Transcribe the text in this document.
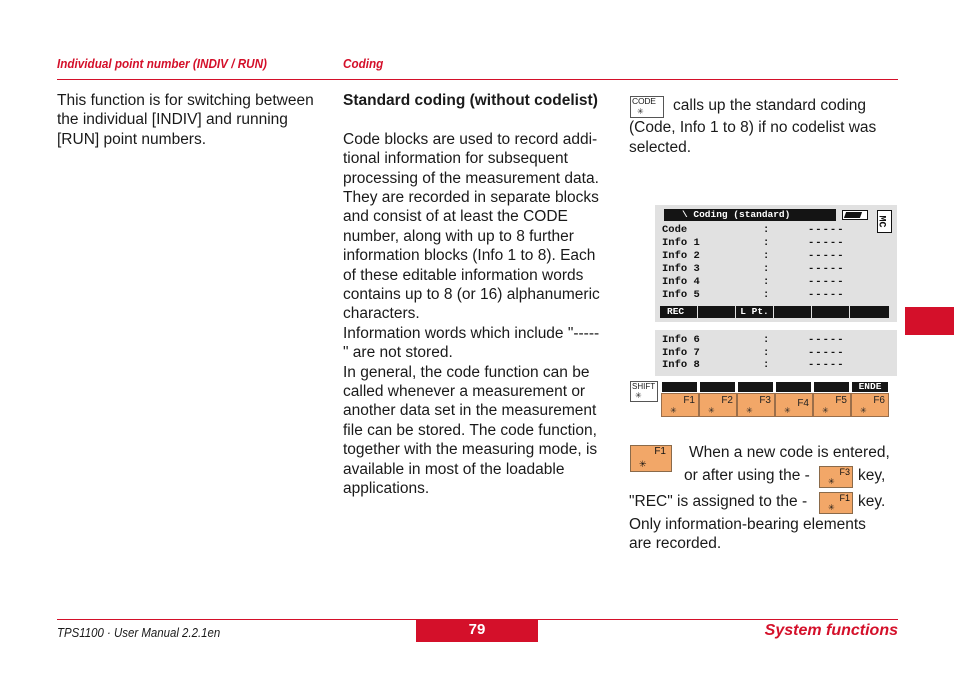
Individual point number (INDIV / RUN)	Coding
This function is for switching between
the individual [INDIV] and running
[RUN] point numbers.
Standard coding (without codelist)
Code blocks are used to record addi-
tional information for subsequent
processing of the measurement data.
They are recorded in separate blocks
and consist of at least the CODE
number, along with up to 8 further
information blocks (Info 1 to 8). Each
of these editable information words
contains up to 8 (or 16) alphanumeric
characters.
Information words which include "-----
" are not stored.
In general, the code function can be
called whenever a measurement or
another data set in the measurement
file can be stored. The code function,
together with the measuring mode, is
available in most of the loadable
applications.
CODE
✳ calls up the standard coding
(Code, Info 1 to 8) if no codelist was
selected.
\ Coding (standard)
MC
Code	:	-----
Info 1	:	-----
Info 2	:	-----
Info 3	:	-----
Info 4	:	-----
Info 5	:	-----
REC	L Pt.
Info 6	:	-----
Info 7	:	-----
Info 8	:	-----
SHIFT
✳
ENDE
F1
✳
F2
✳
F3
✳
F4
✳
F5
✳
F6
✳
F1
✳
When a new code is entered,
or after using the -	F3
✳ key,
"REC" is assigned to the -	F1
✳ key.
Only information-bearing elements
are recorded.
TPS1100 · User Manual 2.2.1en	79	System functions
